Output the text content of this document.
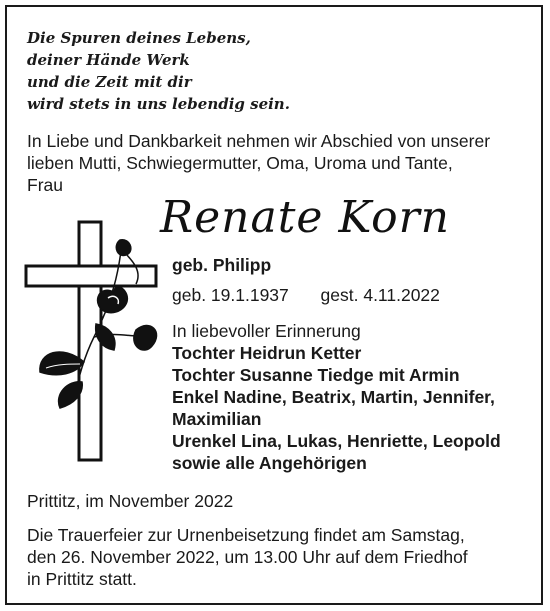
Die Spuren deines Lebens,
deiner Hände Werk
und die Zeit mit dir
wird stets in uns lebendig sein.
In Liebe und Dankbarkeit nehmen wir Abschied von unserer
lieben Mutti, Schwiegermutter, Oma, Uroma und Tante,
Frau
Renate Korn
geb. Philipp
geb. 19.1.1937 gest. 4.11.2022
In liebevoller Erinnerung
Tochter Heidrun Ketter
Tochter Susanne Tiedge mit Armin
Enkel Nadine, Beatrix, Martin, Jennifer,
Maximilian
Urenkel Lina, Lukas, Henriette, Leopold
sowie alle Angehörigen
Prittitz, im November 2022
Die Trauerfeier zur Urnenbeisetzung findet am Samstag,
den 26. November 2022, um 13.00 Uhr auf dem Friedhof
in Prittitz statt.
